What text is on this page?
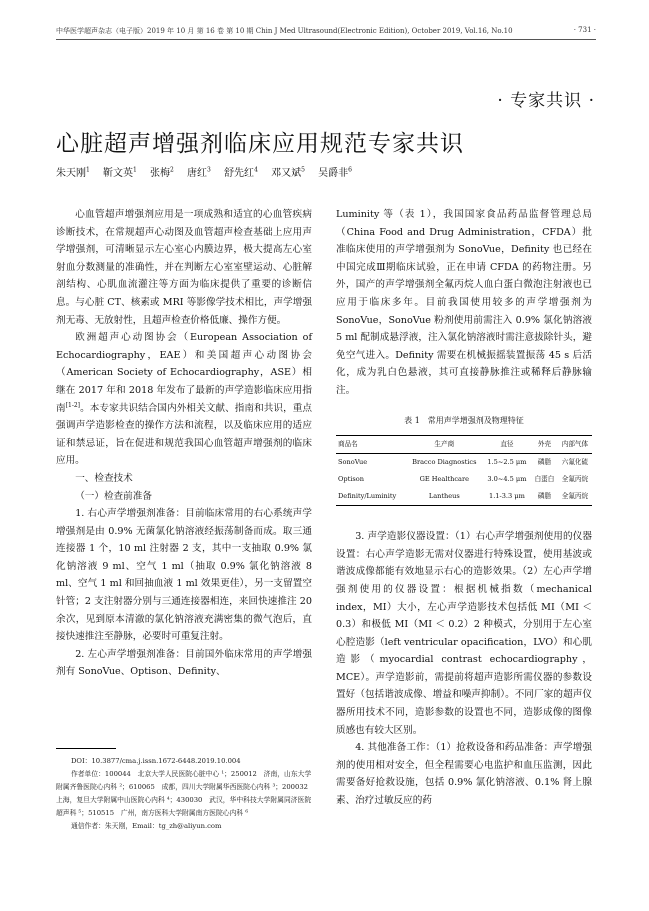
中华医学超声杂志（电子版）2019 年 10 月 第 16 卷 第 10 期 Chin J Med Ultrasound(Electronic Edition), October 2019, Vol.16, No.10	· 731 ·
· 专家共识 ·
心脏超声增强剂临床应用规范专家共识
朱天刚$^1$　 靳文英$^1$　 张梅$^2$　 唐红$^3$　 舒先红$^4$　 邓又斌$^5$　 吴爵非$^6$

心血管超声增强剂应用是一项成熟和适宜的心血管疾病诊断技术，在常规超声心动图及血管超声检查基础上应用声学增强剂，可清晰显示左心室心内膜边界，极大提高左心室射血分数测量的准确性，并在判断左心室室壁运动、心脏解剖结构、心肌血流灌注等方面为临床提供了重要的诊断信息。与心脏 CT、核素或 MRI 等影像学技术相比，声学增强剂无毒、无放射性，且超声检查价格低廉、操作方便。

欧洲超声心动图协会（European Association of Echocardiography，EAE）和美国超声心动图协会（American Society of Echocardiography，ASE）相继在 2017 年和 2018 年发布了最新的声学造影临床应用指南[1-2]。本专家共识结合国内外相关文献、指南和共识，重点强调声学造影检查的操作方法和流程，以及临床应用的适应证和禁忌证，旨在促进和规范我国心血管超声增强剂的临床应用。

一、检查技术

（一）检查前准备

1. 右心声学增强剂准备：目前临床常用的右心系统声学增强剂是由 0.9% 无菌氯化钠溶液经振荡制备而成。取三通连接器 1 个，10 ml 注射器 2 支，其中一支抽取 0.9% 氯化钠溶液 9 ml、空气 1 ml（抽取 0.9% 氯化钠溶液 8 ml、空气 1 ml 和回抽血液 1 ml 效果更佳），另一支留置空针管；2 支注射器分别与三通连接器相连，来回快速推注 20 余次，见到原本清澈的氯化钠溶液充满密集的微气泡后，直接快速推注至静脉，必要时可重复注射。

2. 左心声学增强剂准备：目前国外临床常用的声学增强剂有 SonoVue、Optison、Definity、

Luminity 等（表 1），我国国家食品药品监督管理总局（China Food and Drug Administration，CFDA）批准临床使用的声学增强剂为 SonoVue，Definity 也已经在中国完成Ⅲ期临床试验，正在申请 CFDA 的药物注册。另外，国产的声学增强剂全氟丙烷人血白蛋白微泡注射液也已应用于临床多年。目前我国使用较多的声学增强剂为 SonoVue，SonoVue 粉剂使用前需注入 0.9% 氯化钠溶液 5 ml 配制成悬浮液，注入氯化钠溶液时需注意拔除针头，避免空气进入。Definity 需要在机械振摇装置振荡 45 s 后活化，成为乳白色悬液，其可直接静脉推注或稀释后静脉输注。

表 1　常用声学增强剂及物理特征
商品名	生产商	直径	外壳	内部气体
SonoVue	Bracco Diagnostics	1.5~2.5 μm	磷脂	六氟化硫
Optison	GE Healthcare	3.0~4.5 μm	白蛋白	全氟丙烷
Definity/Luminity	Lantheus	1.1-3.3 μm	磷脂	全氟丙烷

3. 声学造影仪器设置：（1）右心声学增强剂使用的仪器设置：右心声学造影无需对仪器进行特殊设置，使用基波或谐波成像都能有效地显示右心的造影效果。（2）左心声学增强剂使用的仪器设置：根据机械指数（mechanical index，MI）大小，左心声学造影技术包括低 MI（MI ＜ 0.3）和极低 MI（MI ＜ 0.2）2 种模式，分别用于左心室心腔造影（left ventricular opacification，LVO）和心肌造影（myocardial contrast echocardiography，MCE）。声学造影前，需提前将超声造影所需仪器的参数设置好（包括谐波成像、增益和噪声抑制）。不同厂家的超声仪器所用技术不同，造影参数的设置也不同，造影成像的图像质感也有较大区别。

4. 其他准备工作：（1）抢救设备和药品准备：声学增强剂的使用相对安全，但全程需要心电监护和血压监测，因此需要备好抢救设施，包括 0.9% 氯化钠溶液、0.1% 肾上腺素、治疗过敏反应的药

DOI：10.3877/cma.j.issn.1672-6448.2019.10.004

作者单位：100044　北京大学人民医院心脏中心 ¹；250012　济南，山东大学附属齐鲁医院心内科 ²；610065　成都，四川大学附属华西医院心内科 ³；200032　上海，复旦大学附属中山医院心内科 ⁴；430030　武汉，华中科技大学附属同济医院超声科 ⁵；510515　广州，南方医科大学附属南方医院心内科 ⁶

通信作者：朱天刚，Email：tg_zh@aliyun.com
